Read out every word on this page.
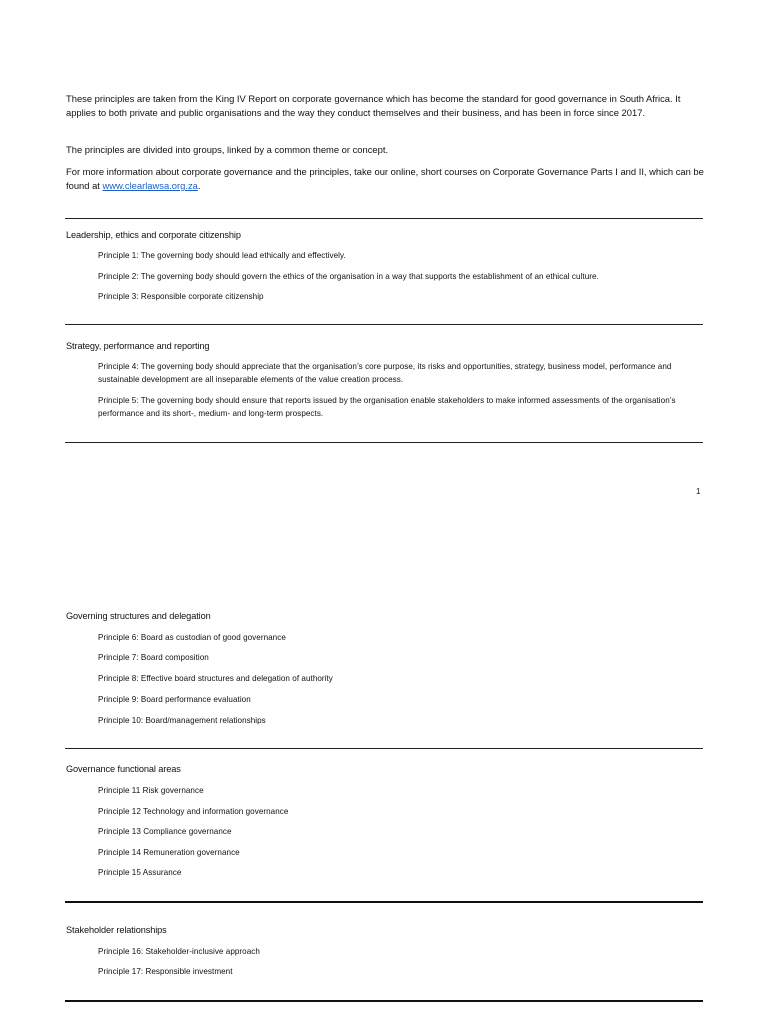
These principles are taken from the King IV Report on corporate governance which has become the standard for good governance in South Africa. It applies to both private and public organisations and the way they conduct themselves and their business, and has been in force since 2017.

The principles are divided into groups, linked by a common theme or concept.

For more information about corporate governance and the principles, take our online, short courses on Corporate Governance Parts I and II, which can be found at www.clearlawsa.org.za.

Leadership, ethics and corporate citizenship
Principle 1: The governing body should lead ethically and effectively.
Principle 2: The governing body should govern the ethics of the organisation in a way that supports the establishment of an ethical culture.
Principle 3: Responsible corporate citizenship
Strategy, performance and reporting
Principle 4: The governing body should appreciate that the organisation’s core purpose, its risks and opportunities, strategy, business model, performance and sustainable development are all inseparable elements of the value creation process.
Principle 5: The governing body should ensure that reports issued by the organisation enable stakeholders to make informed assessments of the organisation’s performance and its short-, medium- and long-term prospects.
1
Governing structures and delegation
Principle 6: Board as custodian of good governance
Principle 7: Board composition
Principle 8: Effective board structures and delegation of authority
Principle 9: Board performance evaluation
Principle 10: Board/management relationships
Governance functional areas
Principle 11 Risk governance
Principle 12 Technology and information governance
Principle 13 Compliance governance
Principle 14 Remuneration governance
Principle 15 Assurance
Stakeholder relationships
Principle 16: Stakeholder-inclusive approach
Principle 17: Responsible investment
